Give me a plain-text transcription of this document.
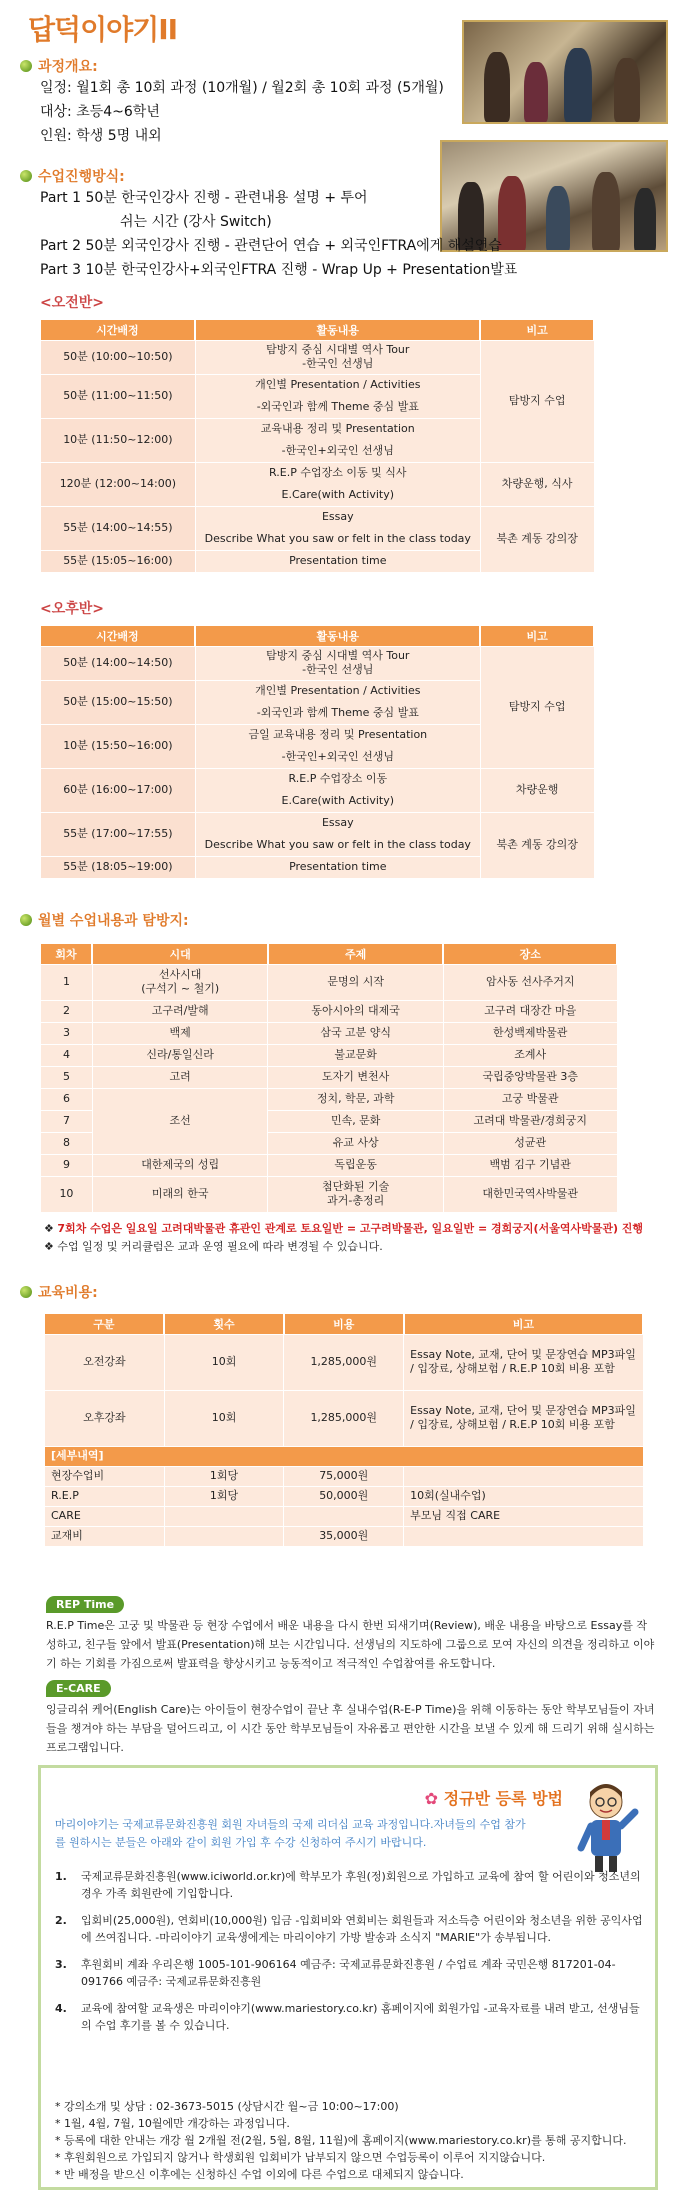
답덕이야기II
과정개요:
일정: 월1회 총 10회 과정 (10개월) / 월2회 총 10회 과정 (5개월)
대상: 초등4~6학년
인원: 학생 5명 내외
수업진행방식:
Part 1 50분 한국인강사 진행 - 관련내용 설명 + 투어
쉬는 시간 (강사 Switch)
Part 2 50분 외국인강사 진행 - 관련단어 연습 + 외국인FTRA에게 해설연습
Part 3 10분 한국인강사+외국인FTRA 진행 - Wrap Up + Presentation발표
<오전반>
시간배정	활동내용	비고
50분 (10:00~10:50)	탐방지 중심 시대별 역사 Tour
-한국인 선생님	탐방지 수업
50분 (11:00~11:50)	개인별 Presentation / Activities
-외국인과 함께 Theme 중심 발표	

10분 (11:50~12:00)	교육내용 정리 및 Presentation
-한국인+외국인 선생님	

120분 (12:00~14:00)	R.E.P 수업장소 이동 및 식사
E.Care(with Activity)	차량운행, 식사
55분 (14:00~14:55)	Essay
Describe What you saw or felt in the class today	북촌 계동 강의장
55분 (15:05~16:00)	Presentation time	
<오후반>
시간배정	활동내용	비고
50분 (14:00~14:50)	탐방지 중심 시대별 역사 Tour
-한국인 선생님	탐방지 수업
50분 (15:00~15:50)	개인별 Presentation / Activities
-외국인과 함께 Theme 중심 발표	

10분 (15:50~16:00)	금일 교육내용 정리 및 Presentation
-한국인+외국인 선생님	

60분 (16:00~17:00)	R.E.P 수업장소 이동
E.Care(with Activity)	차량운행
55분 (17:00~17:55)	Essay
Describe What you saw or felt in the class today	북촌 계동 강의장
55분 (18:05~19:00)	Presentation time	
월별 수업내용과 탐방지:
회차	시대	주제	장소
1	선사시대
(구석기 ~ 철기)	문명의 시작	암사동 선사주거지
2	고구려/발해	동아시아의 대제국	고구려 대장간 마을
3	백제	삼국 고분 양식	한성백제박물관
4	신라/통일신라	불교문화	조계사
5	고려	도자기 변천사	국립중앙박물관 3층
6	조선	정치, 학문, 과학	고궁 박물관
7		민속, 문화	고려대 박물관/경희궁지
8		유교 사상	성균관
9	대한제국의 성립	독립운동	백범 김구 기념관
10	미래의 한국	첨단화된 기술
과거-총정리	대한민국역사박물관
❖ 7회차 수업은 일요일 고려대박물관 휴관인 관계로 토요일반 = 고구려박물관, 일요일반 = 경희궁지(서울역사박물관) 진행
❖ 수업 일정 및 커리큘럼은 교과 운영 필요에 따라 변경될 수 있습니다.
교육비용:
구분	횟수	비용	비고
오전강좌	10회	1,285,000원	Essay Note, 교재, 단어 및 문장연습 MP3파일 / 입장료, 상해보험 / R.E.P 10회 비용 포함
오후강좌	10회	1,285,000원	Essay Note, 교재, 단어 및 문장연습 MP3파일 / 입장료, 상해보험 / R.E.P 10회 비용 포함
[세부내역]			
현장수업비	1회당	75,000원	
R.E.P	1회당	50,000원	10회(실내수업)
CARE			부모님 직접 CARE
교재비		35,000원	
REP Time
R.E.P Time은 고궁 및 박물관 등 현장 수업에서 배운 내용을 다시 한번 되새기며(Review), 배운 내용을 바탕으로 Essay를 작성하고, 친구들 앞에서 발표(Presentation)해 보는 시간입니다. 선생님의 지도하에 그룹으로 모여 자신의 의견을 정리하고 이야기 하는 기회를 가짐으로써 발표력을 향상시키고 능동적이고 적극적인 수업참여를 유도합니다.
E-CARE
잉글리쉬 케어(English Care)는 아이들이 현장수업이 끝난 후 실내수업(R-E-P Time)을 위해 이동하는 동안 학부모님들이 자녀들을 챙겨야 하는 부담을 덜어드리고, 이 시간 동안 학부모님들이 자유롭고 편안한 시간을 보낼 수 있게 해 드리기 위해 실시하는 프로그램입니다.
✿ 정규반 등록 방법
마리이야기는 국제교류문화진흥원 회원 자녀들의 국제 리더십 교육 과정입니다.자녀들의 수업 참가를 원하시는 분들은 아래와 같이 회원 가입 후 수강 신청하여 주시기 바랍니다.
1.	국제교류문화진흥원(www.iciworld.or.kr)에 학부모가 후원(정)회원으로 가입하고 교육에 참여 할 어린이와 청소년의 경우 가족 회원란에 기입합니다.
2.	입회비(25,000원), 연회비(10,000원) 입금 -입회비와 연회비는 회원들과 저소득층 어린이와 청소년을 위한 공익사업에 쓰여집니다. -마리이야기 교육생에게는 마리이야기 가방 발송과 소식지 "MARIE"가 송부됩니다.
3.	후원회비 계좌 우리은행 1005-101-906164 예금주: 국제교류문화진흥원 / 수업료 계좌 국민은행 817201-04-091766 예금주: 국제교류문화진흥원
4.	교육에 참여할 교육생은 마리이야기(www.mariestory.co.kr) 홈페이지에 회원가입 -교육자료를 내려 받고, 선생님들의 수업 후기를 볼 수 있습니다.
* 강의소개 및 상담 : 02-3673-5015 (상담시간 월~금 10:00~17:00)
* 1월, 4월, 7월, 10월에만 개강하는 과정입니다.
* 등록에 대한 안내는 개강 월 2개월 전(2월, 5월, 8월, 11월)에 홈페이지(www.mariestory.co.kr)를 통해 공지합니다.
* 후원회원으로 가입되지 않거나 학생회원 입회비가 납부되지 않으면 수업등록이 이루어 지지않습니다.
* 반 배정을 받으신 이후에는 신청하신 수업 이외에 다른 수업으로 대체되지 않습니다.
